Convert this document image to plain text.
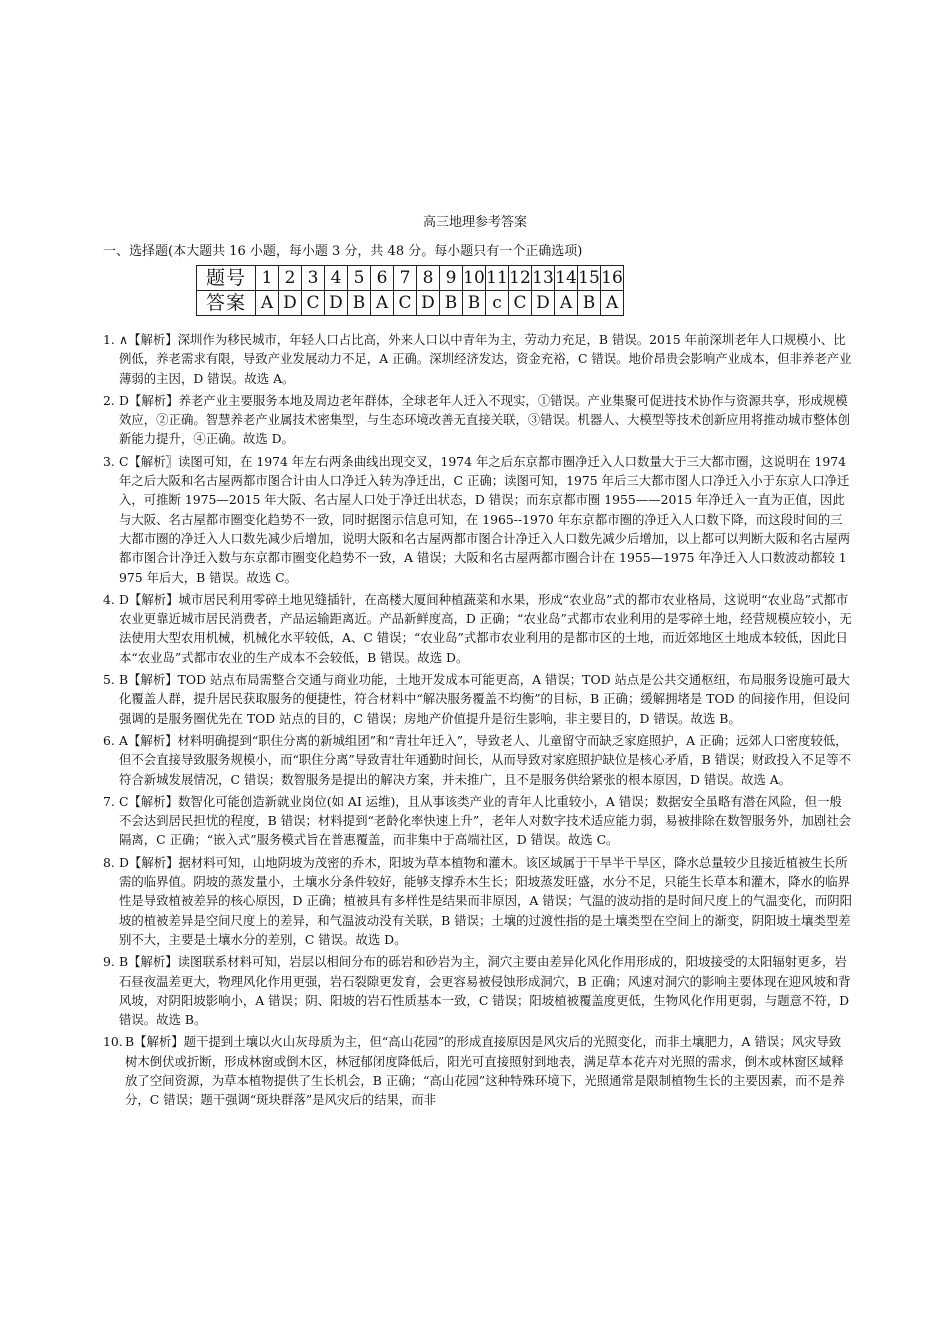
高三地理参考答案
一、选择题(本大题共 16 小题，每小题 3 分，共 48 分。每小题只有一个正确选项)
题号	1	2	3	4	5	6	7	8	9	10	11	12	13	14	15	16
答案	A	D	C	D	B	A	C	D	B	B	c	C	D	A	B	A
1. ∧【解析】深圳作为移民城市，年轻人口占比高，外来人口以中青年为主，劳动力充足，B 错误。2015 年前深圳老年人口规模小、比例低，养老需求有限，导致产业发展动力不足，A 正确。深圳经济发达，资金充裕，C 错误。地价昂贵会影响产业成本，但非养老产业薄弱的主因，D 错误。故选 A。
2. D【解析】养老产业主要服务本地及周边老年群体，全球老年人迁入不现实，①错误。产业集聚可促进技术协作与资源共享，形成规模效应，②正确。智慧养老产业属技术密集型，与生态环境改善无直接关联，③错误。机器人、大模型等技术创新应用将推动城市整体创新能力提升，④正确。故选 D。
3. C【解析〗读图可知，在 1974 年左右两条曲线出现交叉，1974 年之后东京都市圈净迁入人口数量大于三大都市圈，这说明在 1974 年之后大阪和名古屋两都市图合计由人口净迁入转为净迁出，C 正确；读图可知，1975 年后三大都市图人口净迁入小于东京人口净迁入，可推断 1975—2015 年大阪、名古屋人口处于净迁出状态，D 错误；而东京都市圈 1955——2015 年净迁入一直为正值，因此与大阪、名古屋都市圈变化趋势不一致，同时据图示信息可知，在 1965--1970 年东京都市圈的净迁入人口数下降，而这段时间的三大都市圈的净迁入人口数先减少后增加，说明大阪和名古屋两都市图合计净迁入人口数先减少后增加，以上都可以判断大阪和名古屋两都市图合计净迁入数与东京都市圈变化趋势不一致，A 错误；大阪和名古屋两都市圈合计在 1955—1975 年净迁入人口数波动都较 1975 年后大，B 错误。故选 C。
4. D【解析】城市居民利用零碎土地见缝插针，在高楼大厦间种植蔬菜和水果，形成“农业岛”式的都市农业格局，这说明“农业岛”式都市农业更靠近城市居民消费者，产品运输距离近。产品新鲜度高，D 正确；“农业岛”式都市农业利用的是零碎土地，经营规模应较小，无法使用大型农用机械，机械化水平较低，A、C 错误；“农业岛”式都市农业利用的是都市区的土地，而近郊地区土地成本较低，因此日本“农业岛”式都市农业的生产成本不会较低，B 错误。故选 D。
5. B【解析】TOD 站点布局需整合交通与商业功能，土地开发成本可能更高，A 错误；TOD 站点是公共交通枢纽，布局服务设施可最大化覆盖人群，提升居民获取服务的便捷性，符合材料中“解决服务覆盖不均衡”的目标，B 正确；缓解拥堵是 TOD 的间接作用，但设问强调的是服务圈优先在 TOD 站点的目的，C 错误；房地产价值提升是衍生影响，非主要目的，D 错误。故选 B。
6. A【解析】材料明确提到“职住分离的新城组团”和“青壮年迁入”，导致老人、儿童留守而缺乏家庭照护，A 正确；远郊人口密度较低，但不会直接导致服务规模小，而“职住分离”导致青壮年通勤时间长，从而导致对家庭照护缺位是核心矛盾，B 错误；财政投入不足等不符合新城发展情况，C 错误；数智服务是提出的解决方案，并未推广，且不是服务供给紧张的根本原因，D 错误。故选 A。
7. C【解析】数智化可能创造新就业岗位(如 AI 运维)，且从事该类产业的青年人比重较小，A 错误；数据安全虽略有潜在风险，但一般不会达到居民担忧的程度，B 错误；材料提到“老龄化率快速上升”，老年人对数字技术适应能力弱，易被排除在数智服务外，加剧社会隔离，C 正确；“嵌入式”服务模式旨在普惠覆盖，而非集中于高端社区，D 错误。故选 C。
8. D【解析】据材料可知，山地阴坡为茂密的乔木，阳坡为草本植物和灌木。该区域属于干旱半干旱区，降水总量较少且接近植被生长所需的临界值。阴坡的蒸发量小，土壤水分条件较好，能够支撑乔木生长；阳坡蒸发旺盛，水分不足，只能生长草本和灌木，降水的临界性是导致植被差异的核心原因，D 正确；植被具有多样性是结果而非原因，A 错误；气温的波动指的是时间尺度上的气温变化，而阴阳坡的植被差异是空间尺度上的差异，和气温波动没有关联，B 错误；土壤的过渡性指的是土壤类型在空间上的渐变，阴阳坡土壤类型差别不大，主要是土壤水分的差别，C 错误。故选 D。
9. B【解析】读图联系材料可知，岩层以相间分布的砾岩和砂岩为主，洞穴主要由差异化风化作用形成的，阳坡接受的太阳辐射更多，岩石昼夜温差更大，物理风化作用更强，岩石裂隙更发育，会更容易被侵蚀形成洞穴，B 正确；风速对洞穴的影响主要体现在迎风坡和背风坡，对阴阳坡影响小，A 错误；阴、阳坡的岩石性质基本一致，C 错误；阳坡植被覆盖度更低，生物风化作用更弱，与题意不符，D 错误。故选 B。
10. B【解析】题干提到土壤以火山灰母质为主，但“高山花园”的形成直接原因是风灾后的光照变化，而非土壤肥力，A 错误；风灾导致树木倒伏或折断，形成林窗或倒木区，林冠郁闭度降低后，阳光可直接照射到地表，满足草本花卉对光照的需求，倒木或林窗区域释放了空间资源，为草本植物提供了生长机会，B 正确；“高山花园”这种特殊环境下，光照通常是限制植物生长的主要因素，而不是养分，C 错误；题干强调“斑块群落”是风灾后的结果，而非
